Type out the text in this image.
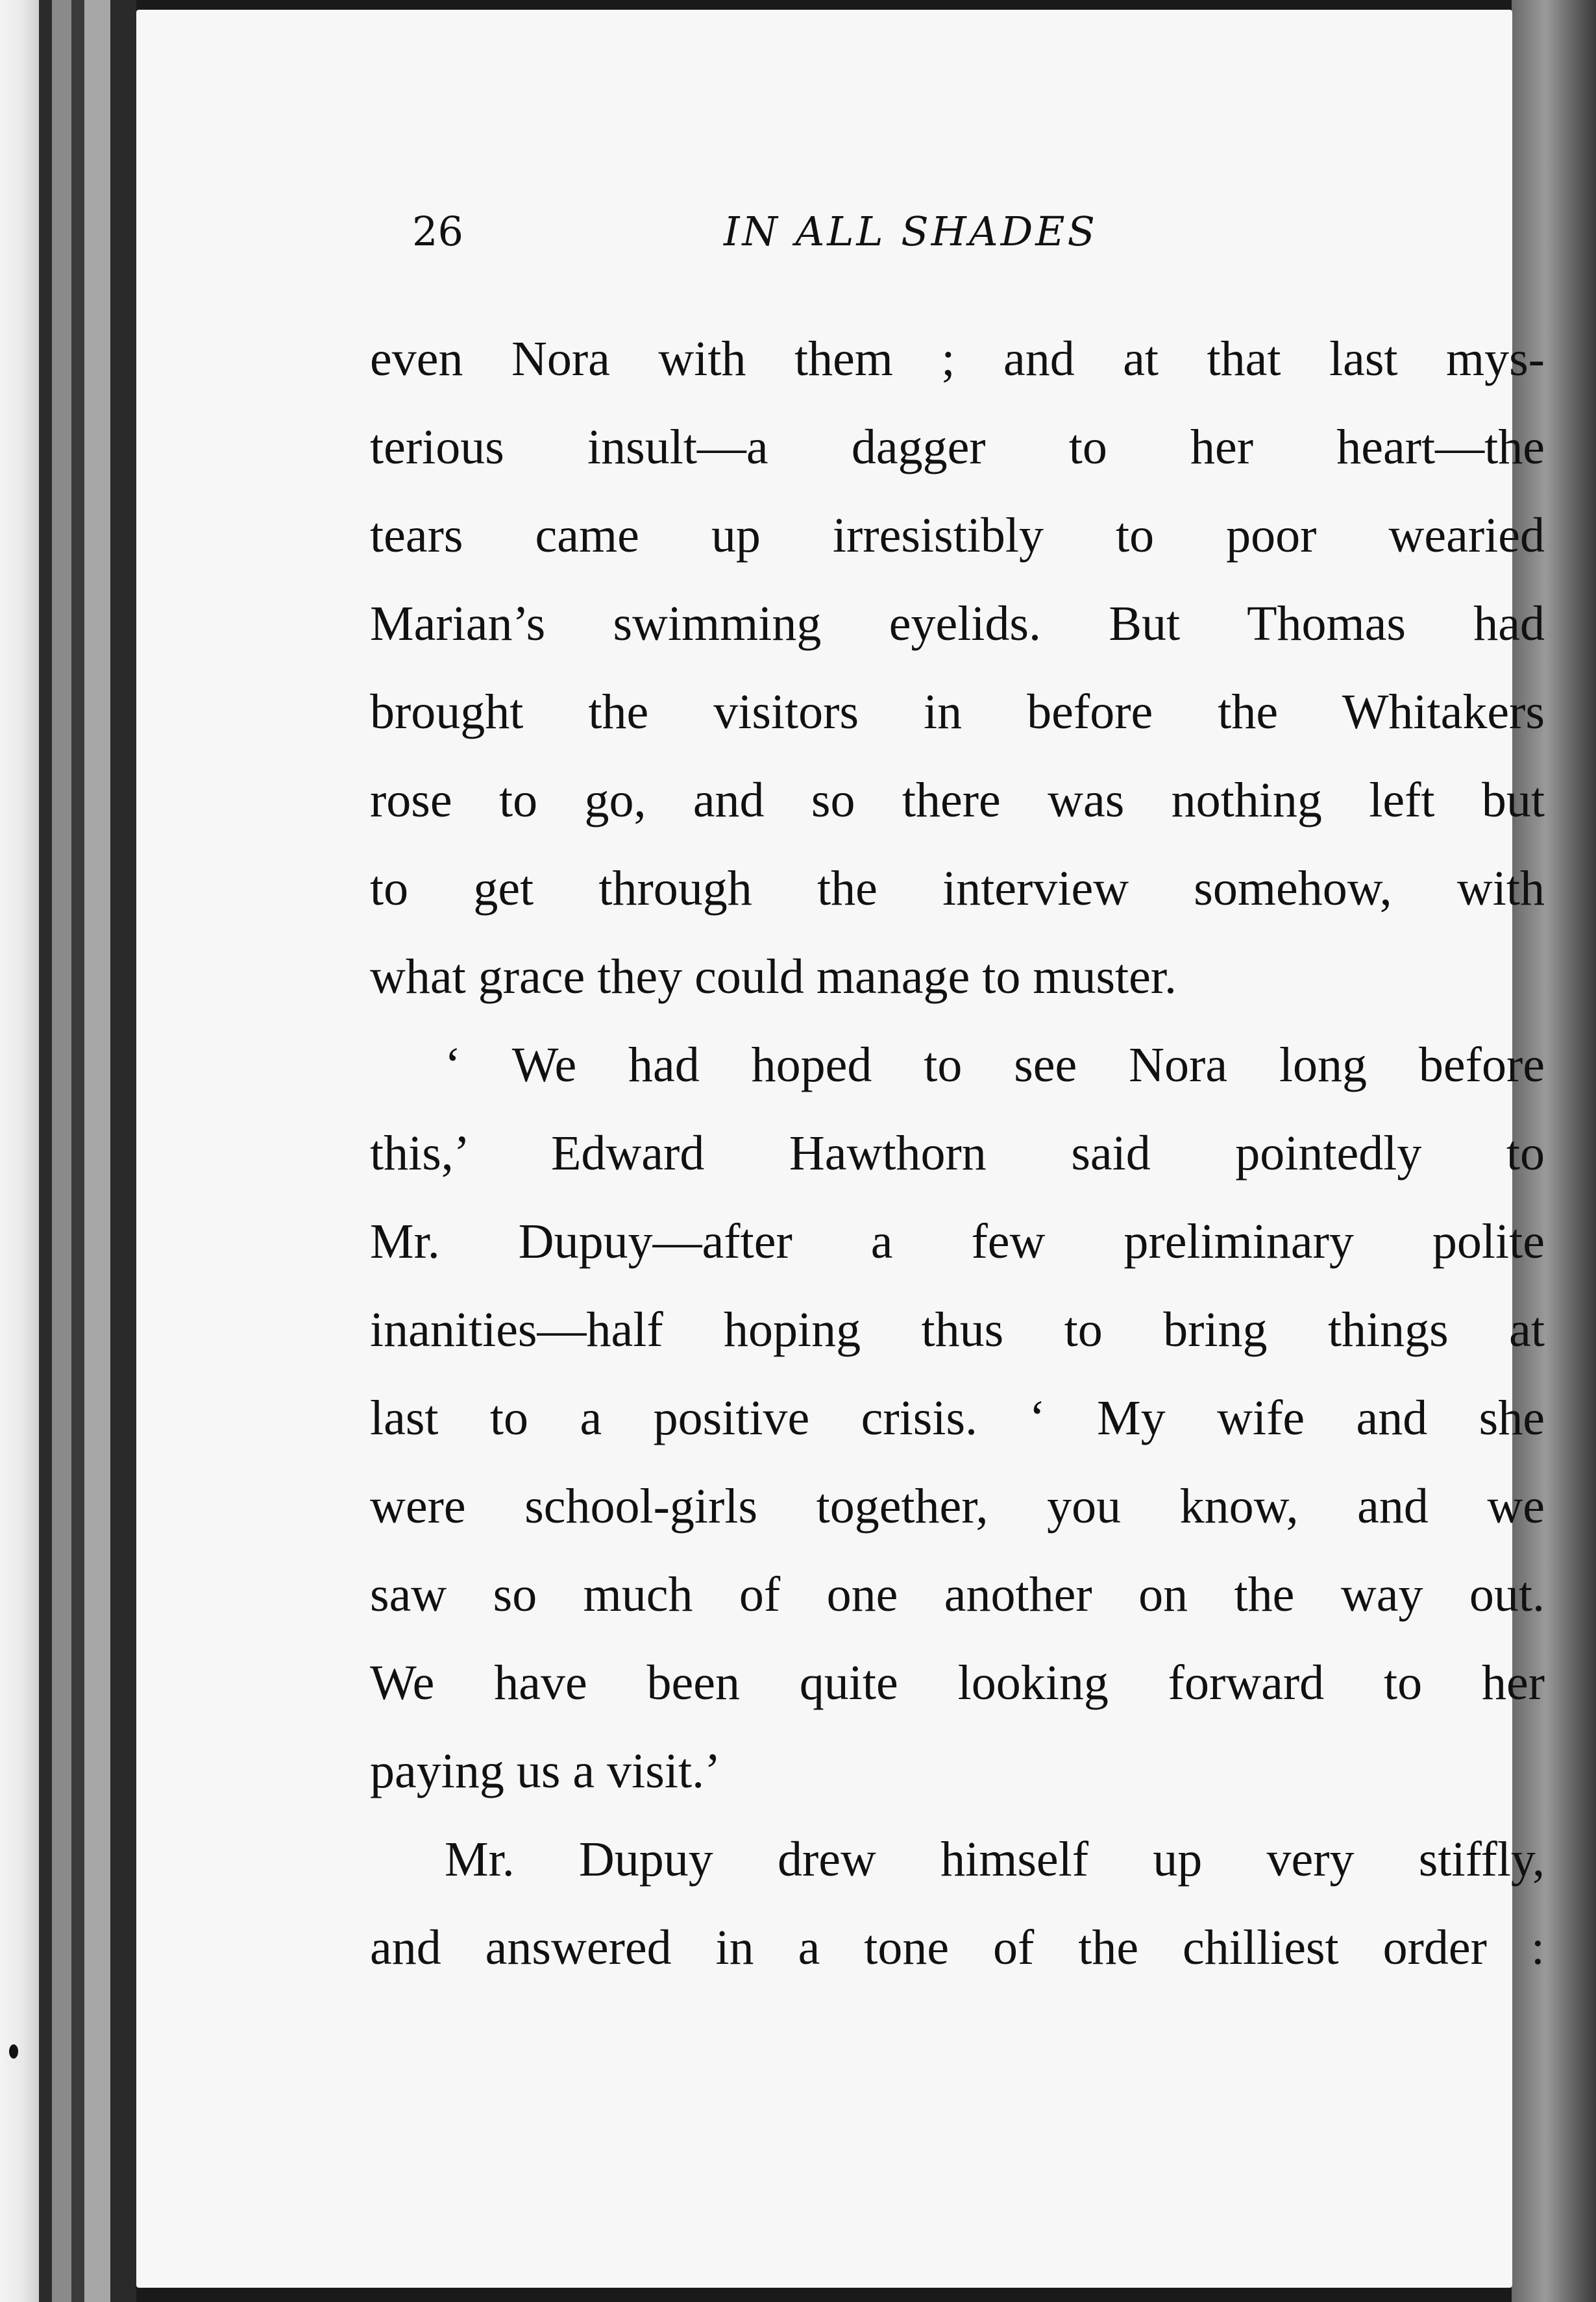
26	IN ALL SHADES
even Nora with them ; and at that last mys-
terious insult—a dagger to her heart—the
tears came up irresistibly to poor wearied
Marian’s swimming eyelids. But Thomas had
brought the visitors in before the Whitakers
rose to go, and so there was nothing left but
to get through the interview somehow, with
what grace they could manage to muster.
‘ We had hoped to see Nora long before
this,’ Edward Hawthorn said pointedly to
Mr. Dupuy—after a few preliminary polite
inanities—half hoping thus to bring things at
last to a positive crisis. ‘ My wife and she
were school-girls together, you know, and we
saw so much of one another on the way out.
We have been quite looking forward to her
paying us a visit.’
Mr. Dupuy drew himself up very stiffly,
and answered in a tone of the chilliest order :
